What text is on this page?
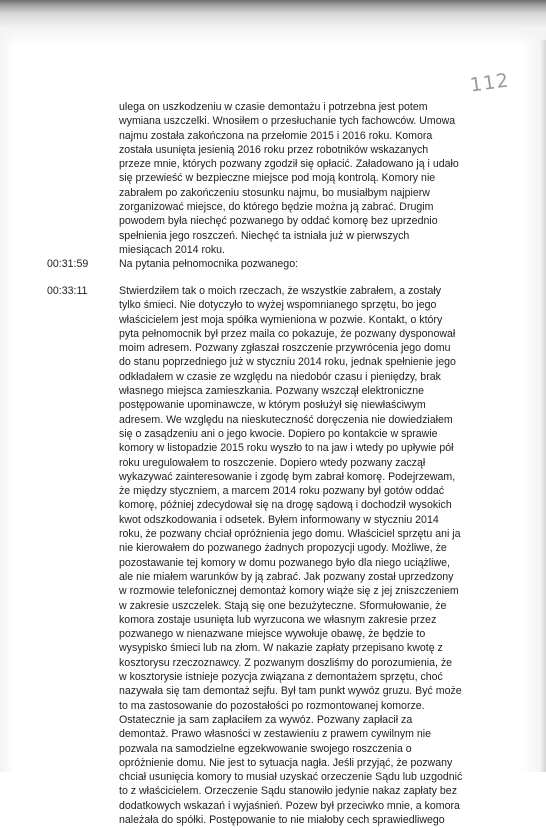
112
ulega on uszkodzeniu w czasie demontażu i potrzebna jest potem
wymiana uszczelki. Wnosiłem o przesłuchanie tych fachowców. Umowa
najmu została zakończona na przełomie 2015 i 2016 roku. Komora
została usunięta jesienią 2016 roku przez robotników wskazanych
przeze mnie, których pozwany zgodził się opłacić. Załadowano ją i udało
się przewieść w bezpieczne miejsce pod moją kontrolą. Komory nie
zabrałem po zakończeniu stosunku najmu, bo musiałbym najpierw
zorganizować miejsce, do którego będzie można ją zabrać. Drugim
powodem była niechęć pozwanego by oddać komorę bez uprzednio
spełnienia jego roszczeń. Niechęć ta istniała już w pierwszych
miesiącach 2014 roku.
00:31:59	Na pytania pełnomocnika pozwanego:
00:33:11	Stwierdziłem tak o moich rzeczach, że wszystkie zabrałem, a zostały
tylko śmieci. Nie dotyczyło to wyżej wspomnianego sprzętu, bo jego
właścicielem jest moja spółka wymieniona w pozwie. Kontakt, o który
pyta pełnomocnik był przez maila co pokazuje, że pozwany dysponował
moim adresem. Pozwany zgłaszał roszczenie przywrócenia jego domu
do stanu poprzedniego już w styczniu 2014 roku, jednak spełnienie jego
odkładałem w czasie ze względu na niedobór czasu i pieniędzy, brak
własnego miejsca zamieszkania. Pozwany wszczął elektroniczne
postępowanie upominawcze, w którym posłużył się niewłaściwym
adresem. We względu na nieskuteczność doręczenia nie dowiedziałem
się o zasądzeniu ani o jego kwocie. Dopiero po kontakcie w sprawie
komory w listopadzie 2015 roku wyszło to na jaw i wtedy po upływie pół
roku uregulowałem to roszczenie. Dopiero wtedy pozwany zaczął
wykazywać zainteresowanie i zgodę bym zabrał komorę. Podejrzewam,
że między styczniem, a marcem 2014 roku pozwany był gotów oddać
komorę, później zdecydował się na drogę sądową i dochodził wysokich
kwot odszkodowania i odsetek. Byłem informowany w styczniu 2014
roku, że pozwany chciał opróżnienia jego domu. Właściciel sprzętu ani ja
nie kierowałem do pozwanego żadnych propozycji ugody. Możliwe, że
pozostawanie tej komory w domu pozwanego było dla niego uciążliwe,
ale nie miałem warunków by ją zabrać. Jak pozwany został uprzedzony
w rozmowie telefonicznej demontaż komory wiąże się z jej zniszczeniem
w zakresie uszczelek. Stają się one bezużyteczne. Sformułowanie, że
komora zostaje usunięta lub wyrzucona we własnym zakresie przez
pozwanego w nienazwane miejsce wywołuje obawę, że będzie to
wysypisko śmieci lub na złom. W nakazie zapłaty przepisano kwotę z
kosztorysu rzeczoznawcy. Z pozwanym doszliśmy do porozumienia, że
w kosztorysie istnieje pozycja związana z demontażem sprzętu, choć
nazywała się tam demontaż sejfu. Był tam punkt wywóz gruzu. Być może
to ma zastosowanie do pozostałości po rozmontowanej komorze.
Ostatecznie ja sam zapłaciłem za wywóz. Pozwany zapłacił za
demontaż. Prawo własności w zestawieniu z prawem cywilnym nie
pozwala na samodzielne egzekwowanie swojego roszczenia o
opróżnienie domu. Nie jest to sytuacja nagła. Jeśli przyjąć, że pozwany
chciał usunięcia komory to musiał uzyskać orzeczenie Sądu lub uzgodnić
to z właścicielem. Orzeczenie Sądu stanowiło jedynie nakaz zapłaty bez
dodatkowych wskazań i wyjaśnień. Pozew był przeciwko mnie, a komora
należała do spółki. Postępowanie to nie miałoby cech sprawiedliwego
